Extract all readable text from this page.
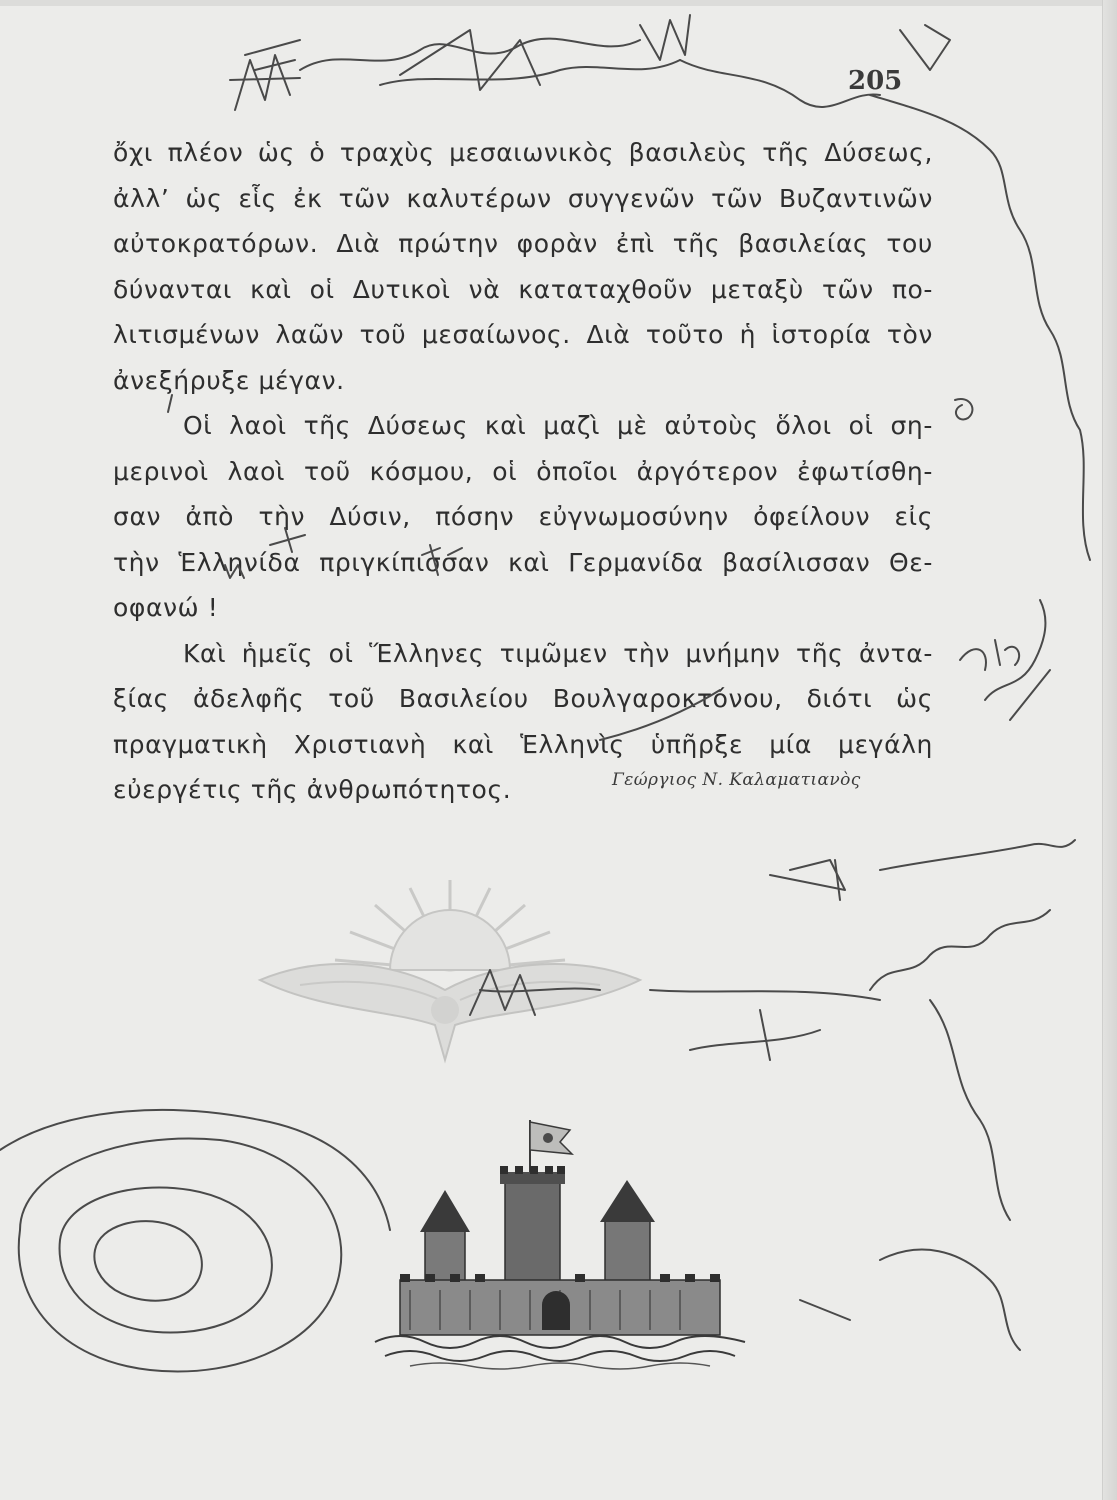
205
ὄχι πλέον ὡς ὁ τραχὺς μεσαιωνικὸς βασιλεὺς τῆς Δύσεως,
ἀλλ’ ὡς εἷς ἐκ τῶν καλυτέρων συγγενῶν τῶν Βυζαντινῶν
αὐτοκρατόρων. Διὰ πρώτην φορὰν ἐπὶ τῆς βασιλείας του
δύνανται καὶ οἱ Δυτικοὶ νὰ καταταχθοῦν μεταξὺ τῶν πο-
λιτισμένων λαῶν τοῦ μεσαίωνος. Διὰ τοῦτο ἡ ἱστορία τὸν
ἀνεξήρυξε μέγαν.
Οἱ λαοὶ τῆς Δύσεως καὶ μαζὶ μὲ αὐτοὺς ὅλοι οἱ ση-
μερινοὶ λαοὶ τοῦ κόσμου, οἱ ὁποῖοι ἀργότερον ἐφωτίσθη-
σαν ἀπὸ τὴν Δύσιν, πόσην εὐγνωμοσύνην ὀφείλουν εἰς
τὴν Ἑλληνίδα πριγκίπισσαν καὶ Γερμανίδα βασίλισσαν Θε-
οφανώ !
Καὶ ἡμεῖς οἱ Ἕλληνες τιμῶμεν τὴν μνήμην τῆς ἀντα-
ξίας ἀδελφῆς τοῦ Βασιλείου Βουλγαροκτόνου, διότι ὡς
πραγματικὴ Χριστιανὴ καὶ Ἑλληνὶς ὑπῆρξε μία μεγάλη
εὐεργέτις τῆς ἀνθρωπότητος.	Γεώργιος Ν. Καλαματιανὸς
